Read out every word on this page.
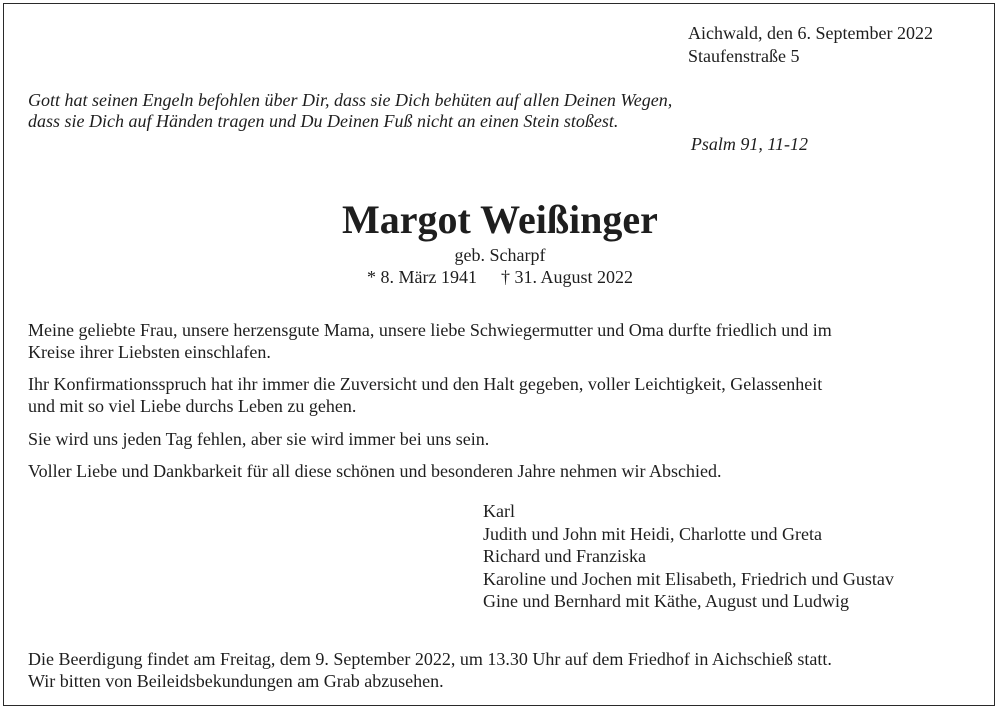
Aichwald, den 6. September 2022
Staufenstraße 5
Gott hat seinen Engeln befohlen über Dir, dass sie Dich behüten auf allen Deinen Wegen,
dass sie Dich auf Händen tragen und Du Deinen Fuß nicht an einen Stein stoßest.
Psalm 91, 11-12
Margot Weißinger
geb. Scharpf
* 8. März 1941 † 31. August 2022
Meine geliebte Frau, unsere herzensgute Mama, unsere liebe Schwiegermutter und Oma durfte friedlich und im
Kreise ihrer Liebsten einschlafen.
Ihr Konfirmationsspruch hat ihr immer die Zuversicht und den Halt gegeben, voller Leichtigkeit, Gelassenheit
und mit so viel Liebe durchs Leben zu gehen.
Sie wird uns jeden Tag fehlen, aber sie wird immer bei uns sein.
Voller Liebe und Dankbarkeit für all diese schönen und besonderen Jahre nehmen wir Abschied.
Karl
Judith und John mit Heidi, Charlotte und Greta
Richard und Franziska
Karoline und Jochen mit Elisabeth, Friedrich und Gustav
Gine und Bernhard mit Käthe, August und Ludwig
Die Beerdigung findet am Freitag, dem 9. September 2022, um 13.30 Uhr auf dem Friedhof in Aichschieß statt.
Wir bitten von Beileidsbekundungen am Grab abzusehen.
